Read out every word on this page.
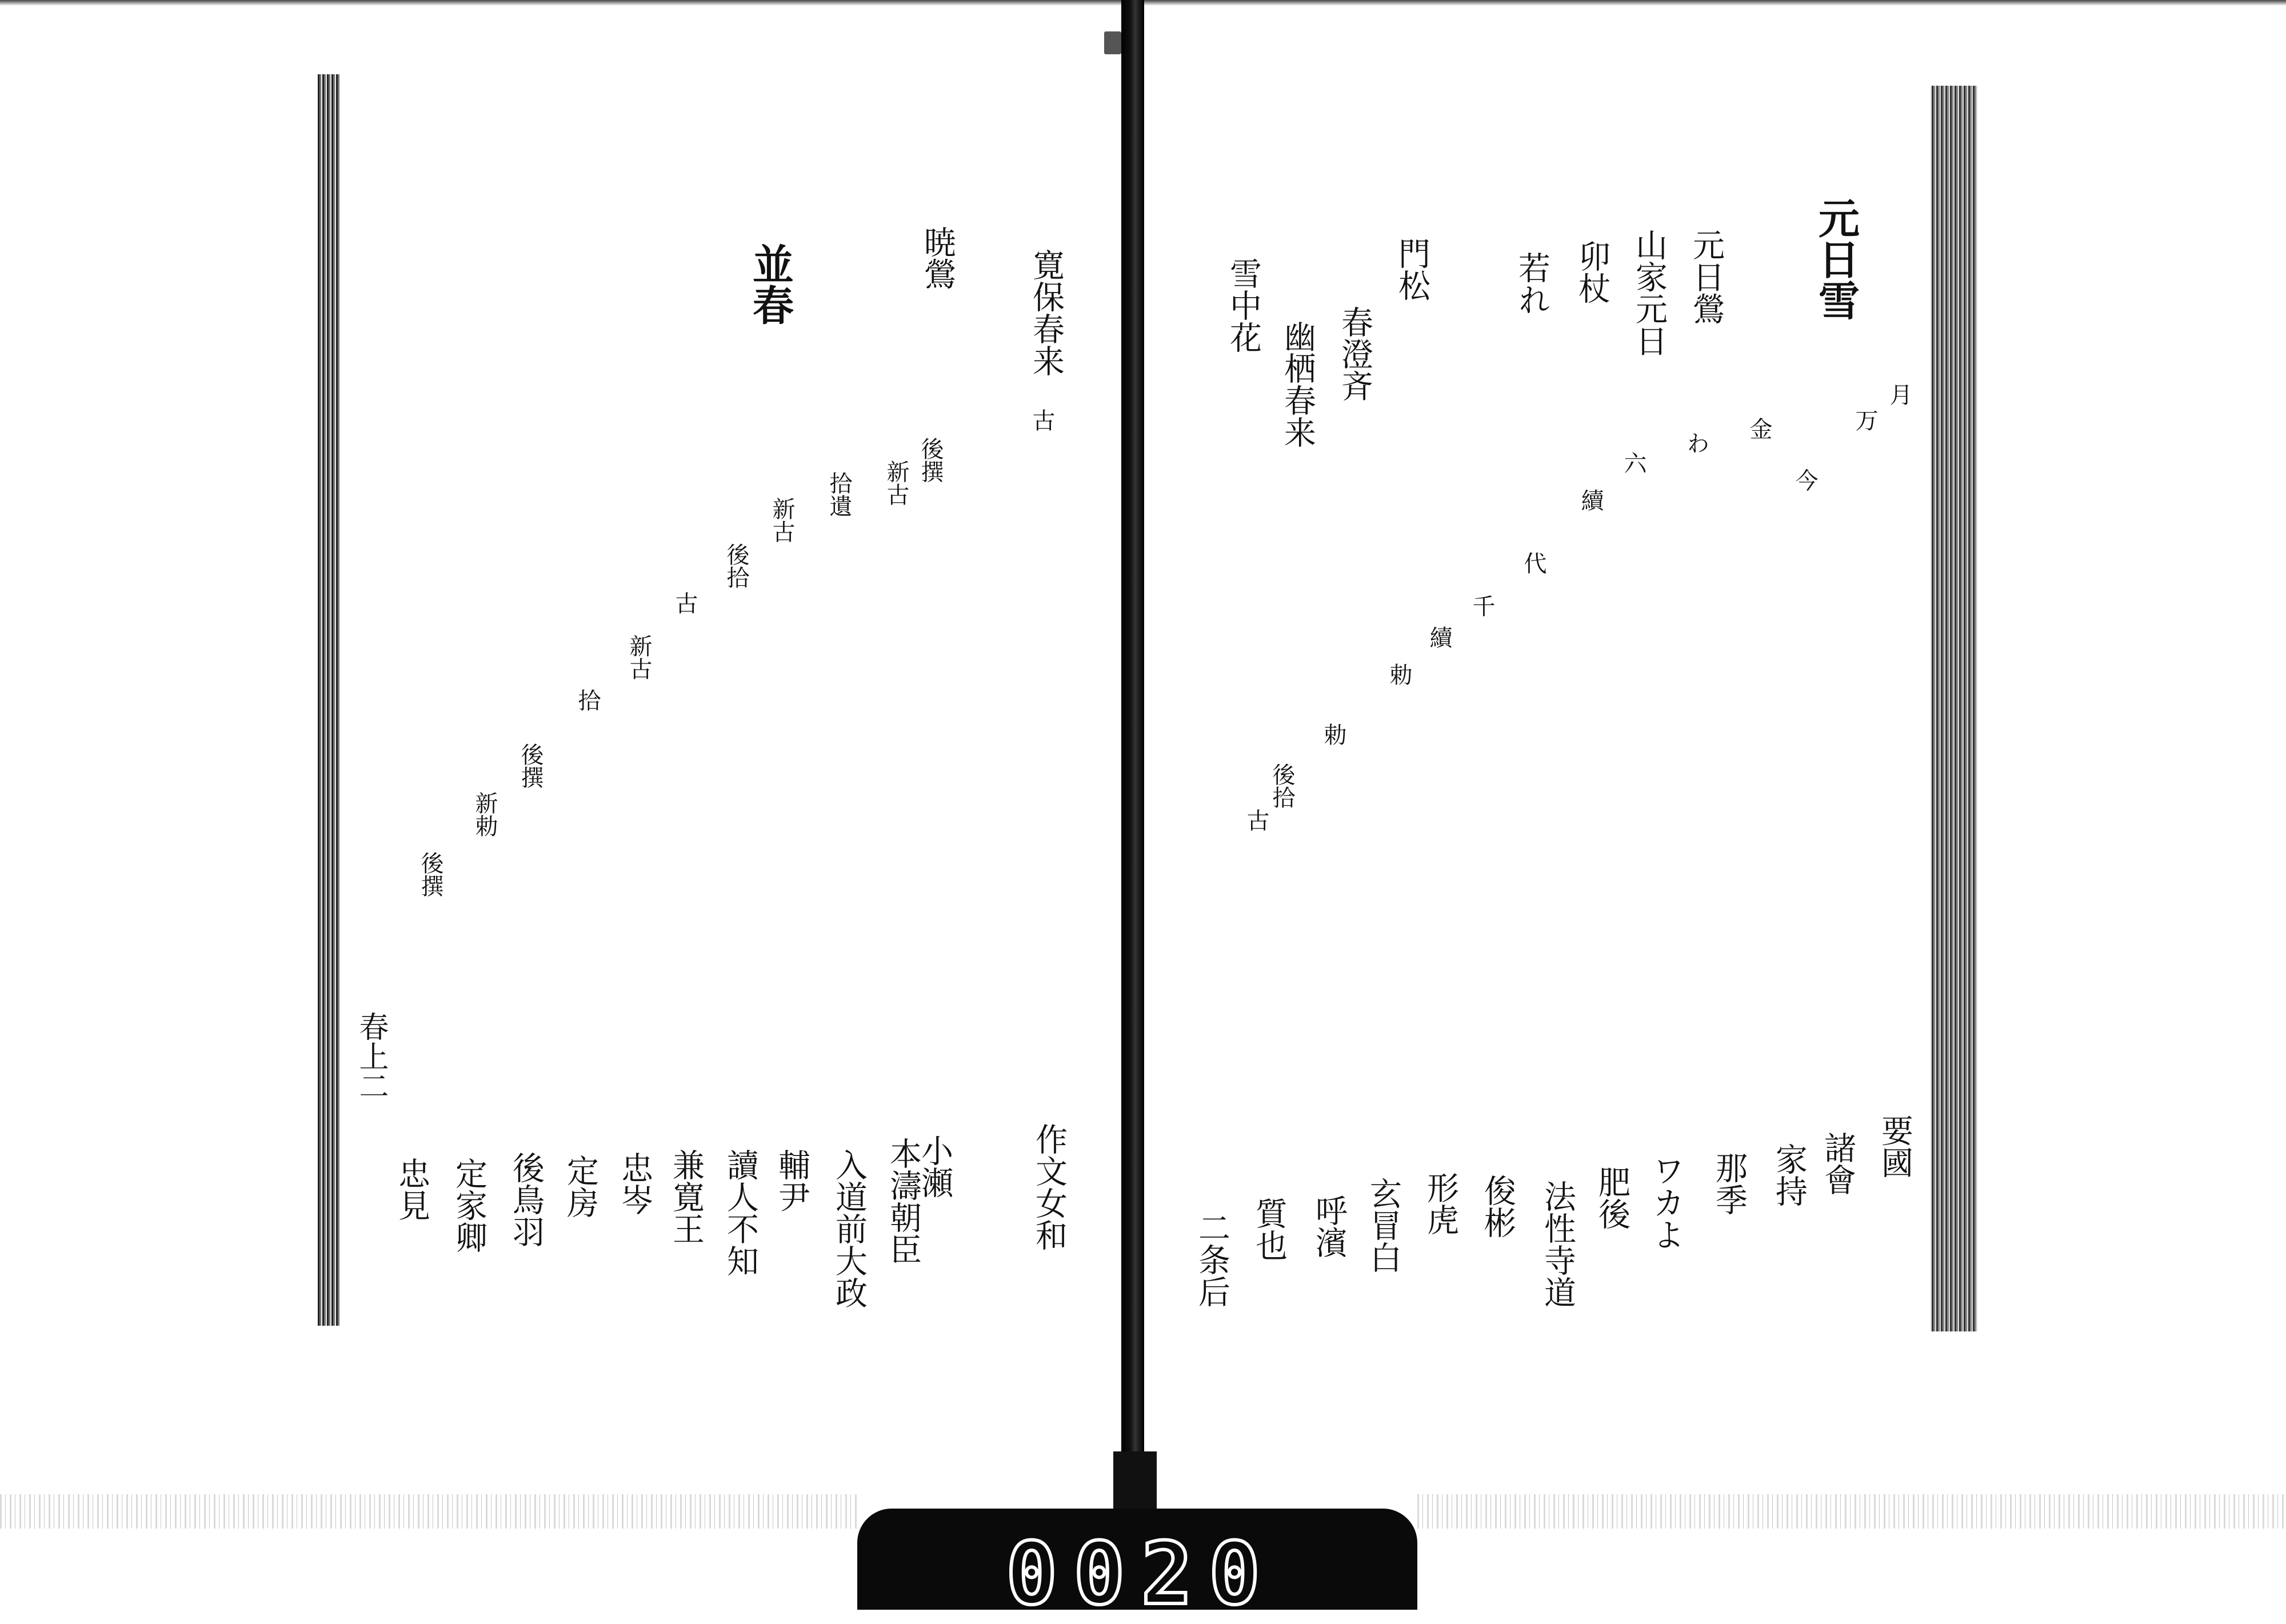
元日雪
元日鶯
山家元日
卯杖
若れ
門松
春澄斉
幽栖春来
雪中花
月
万
今
金
わ
六
續
代
千
續
勅
勅
後拾
古
要國
諸會
家持
那季
ワカよ
肥後
法性寺道
俊彬
形虎
玄冒白
呼濱
質也
二条后
寛保春来
暁鶯
並春
古
後撰
新古
拾遺
新古
後拾
古
新古
拾
後撰
新勅
後撰
作文女和
小瀬
本濤朝臣
入道前大政
輔尹
讀人不知
兼寛王
忠岑
定房
後鳥羽
定家卿
忠見
春上二
0020
